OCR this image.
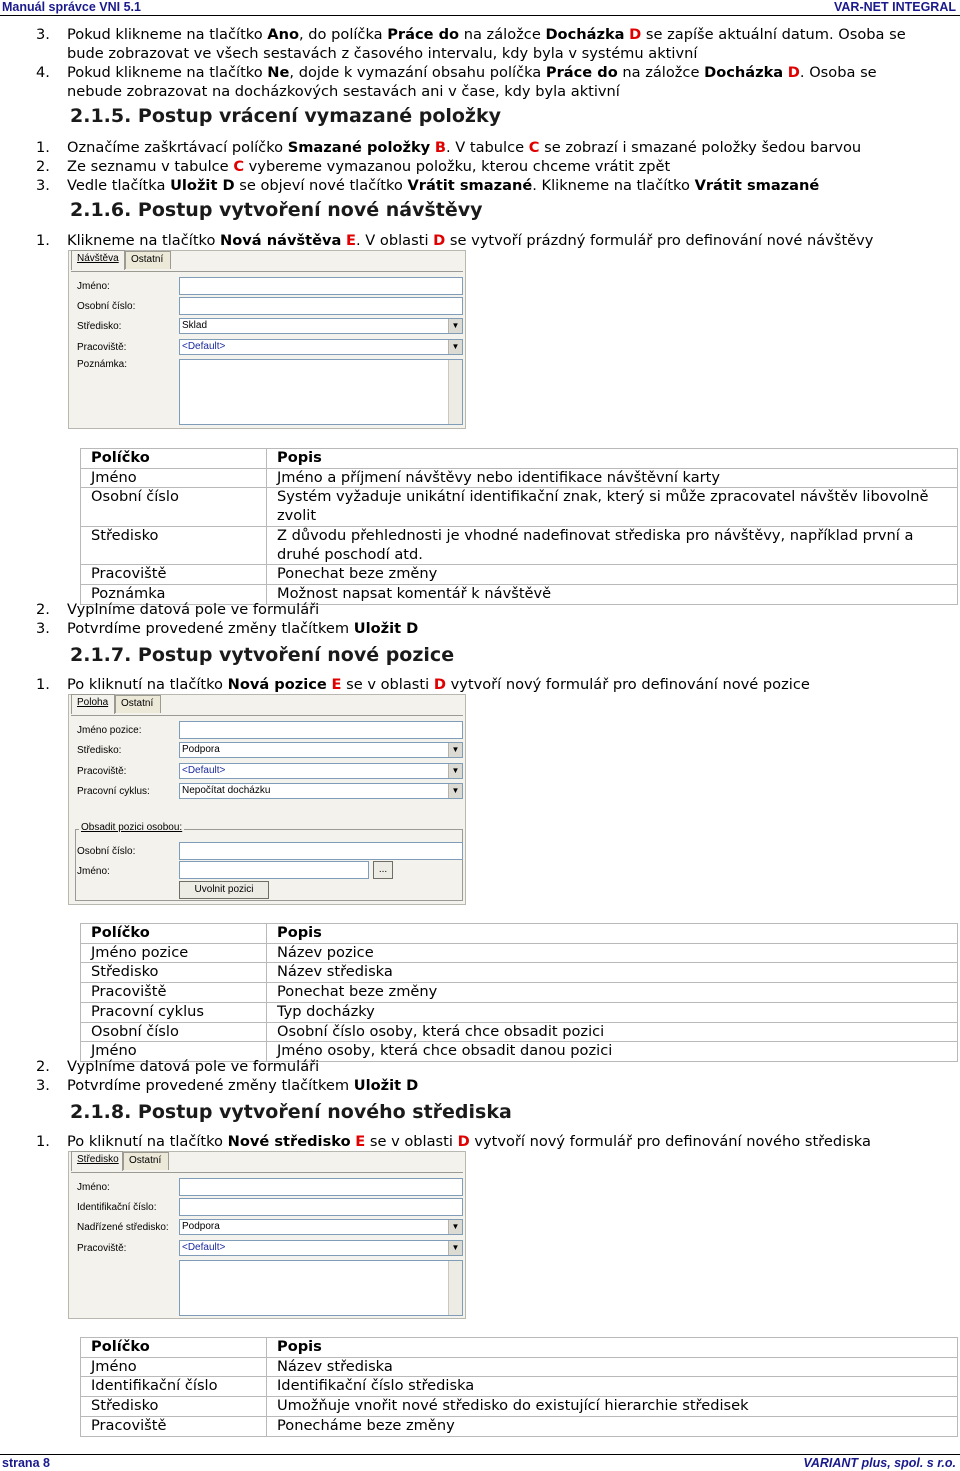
Manuál správce VNI 5.1	VAR-NET INTEGRAL
3. Pokud klikneme na tlačítko Ano, do políčka Práce do na záložce Docházka D se zapíše aktuální datum. Osoba se
bude zobrazovat ve všech sestavách z časového intervalu, kdy byla v systému aktivní
4. Pokud klikneme na tlačítko Ne, dojde k vymazání obsahu políčka Práce do na záložce Docházka D. Osoba se
nebude zobrazovat na docházkových sestavách ani v čase, kdy byla aktivní
2.1.5. Postup vrácení vymazané položky
1. Označíme zaškrtávací políčko Smazané položky B. V tabulce C se zobrazí i smazané položky šedou barvou
2. Ze seznamu v tabulce C vybereme vymazanou položku, kterou chceme vrátit zpět
3. Vedle tlačítka Uložit D se objeví nové tlačítko Vrátit smazané. Klikneme na tlačítko Vrátit smazané
2.1.6. Postup vytvoření nové návštěvy
1. Klikneme na tlačítko Nová návštěva E. V oblasti D se vytvoří prázdný formulář pro definování nové návštěvy
Návštěva	Ostatní
Jméno:
Osobní číslo:
Středisko:	Sklad	▼
Pracoviště:	<Default>	▼
Poznámka:
Políčko	Popis
Jméno	Jméno a příjmení návštěvy nebo identifikace návštěvní karty
Osobní číslo	Systém vyžaduje unikátní identifikační znak, který si může zpracovatel návštěv libovolně zvolit
Středisko	Z důvodu přehlednosti je vhodné nadefinovat střediska pro návštěvy, například první a druhé poschodí atd.
Pracoviště	Ponechat beze změny
Poznámka	Možnost napsat komentář k návštěvě
2. Vyplníme datová pole ve formuláři
3. Potvrdíme provedené změny tlačítkem Uložit D
2.1.7. Postup vytvoření nové pozice
1. Po kliknutí na tlačítko Nová pozice E se v oblasti D vytvoří nový formulář pro definování nové pozice
Poloha	Ostatní
Jméno pozice:
Středisko:	Podpora	▼
Pracoviště:	<Default>	▼
Pracovní cyklus:	Nepočítat docházku	▼
Obsadit pozici osobou:
Osobní číslo:
Jméno:	...
Uvolnit pozici
Políčko	Popis
Jméno pozice	Název pozice
Středisko	Název střediska
Pracoviště	Ponechat beze změny
Pracovní cyklus	Typ docházky
Osobní číslo	Osobní číslo osoby, která chce obsadit pozici
Jméno	Jméno osoby, která chce obsadit danou pozici
2. Vyplníme datová pole ve formuláři
3. Potvrdíme provedené změny tlačítkem Uložit D
2.1.8. Postup vytvoření nového střediska
1. Po kliknutí na tlačítko Nové středisko E se v oblasti D vytvoří nový formulář pro definování nového střediska
Středisko	Ostatní
Jméno:
Identifikační číslo:
Nadřízené středisko:	Podpora	▼
Pracoviště:	<Default>	▼
Políčko	Popis
Jméno	Název střediska
Identifikační číslo	Identifikační číslo střediska
Středisko	Umožňuje vnořit nové středisko do existující hierarchie středisek
Pracoviště	Ponecháme beze změny
strana 8	VARIANT plus, spol. s r.o.
